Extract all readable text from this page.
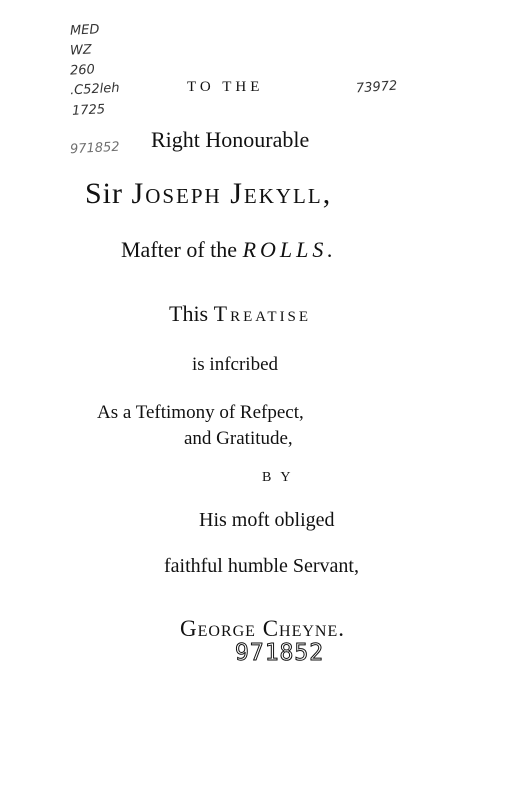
MED
WZ
260
.C52leh
1725
971852
73972
TO THE
Right Honourable
Sir Joseph Jekyll,
Mafter of the ROLLS.
This Treatise
is infcribed
As a Teftimony of Refpect,
and Gratitude,
BY
His moft obliged
faithful humble Servant,
George Cheyne.
971852
